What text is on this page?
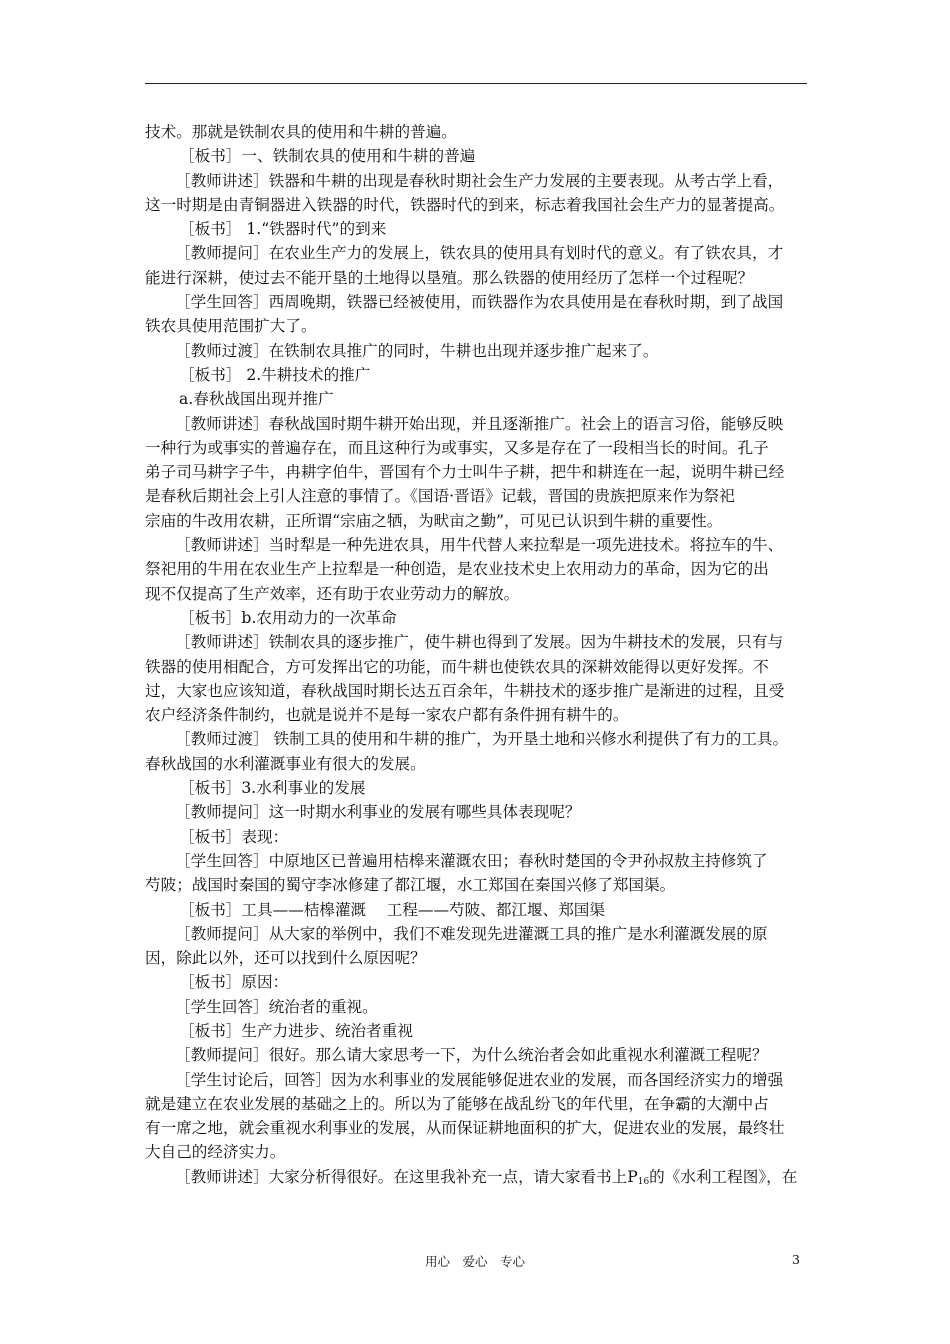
技术。那就是铁制农具的使用和牛耕的普遍。
［板书］一、铁制农具的使用和牛耕的普遍
［教师讲述］铁器和牛耕的出现是春秋时期社会生产力发展的主要表现。从考古学上看，
这一时期是由青铜器进入铁器的时代，铁器时代的到来，标志着我国社会生产力的显著提高。
［板书］ 1.“铁器时代”的到来
［教师提问］在农业生产力的发展上，铁农具的使用具有划时代的意义。有了铁农具，才
能进行深耕，使过去不能开垦的土地得以垦殖。那么铁器的使用经历了怎样一个过程呢？
［学生回答］西周晚期，铁器已经被使用，而铁器作为农具使用是在春秋时期，到了战国
铁农具使用范围扩大了。
［教师过渡］在铁制农具推广的同时，牛耕也出现并逐步推广起来了。
［板书］ 2.牛耕技术的推广
a.春秋战国出现并推广
［教师讲述］春秋战国时期牛耕开始出现，并且逐渐推广。社会上的语言习俗，能够反映
一种行为或事实的普遍存在，而且这种行为或事实，又多是存在了一段相当长的时间。孔子
弟子司马耕字子牛，冉耕字伯牛，晋国有个力士叫牛子耕，把牛和耕连在一起，说明牛耕已经
是春秋后期社会上引人注意的事情了。《国语·晋语》记载，晋国的贵族把原来作为祭祀
宗庙的牛改用农耕，正所谓“宗庙之牺，为畎亩之勤”，可见已认识到牛耕的重要性。
［教师讲述］当时犁是一种先进农具，用牛代替人来拉犁是一项先进技术。将拉车的牛、
祭祀用的牛用在农业生产上拉犁是一种创造，是农业技术史上农用动力的革命，因为它的出
现不仅提高了生产效率，还有助于农业劳动力的解放。
［板书］b.农用动力的一次革命
［教师讲述］铁制农具的逐步推广，使牛耕也得到了发展。因为牛耕技术的发展，只有与
铁器的使用相配合，方可发挥出它的功能，而牛耕也使铁农具的深耕效能得以更好发挥。不
过，大家也应该知道，春秋战国时期长达五百余年，牛耕技术的逐步推广是渐进的过程，且受
农户经济条件制约，也就是说并不是每一家农户都有条件拥有耕牛的。
［教师过渡］ 铁制工具的使用和牛耕的推广，为开垦土地和兴修水利提供了有力的工具。
春秋战国的水利灌溉事业有很大的发展。
［板书］3.水利事业的发展
［教师提问］这一时期水利事业的发展有哪些具体表现呢？
［板书］表现：
［学生回答］中原地区已普遍用桔槔来灌溉农田；春秋时楚国的令尹孙叔敖主持修筑了
芍陂；战国时秦国的蜀守李冰修建了都江堰，水工郑国在秦国兴修了郑国渠。
［板书］工具——桔槔灌溉　 工程——芍陂、都江堰、郑国渠
［教师提问］从大家的举例中，我们不难发现先进灌溉工具的推广是水利灌溉发展的原
因，除此以外，还可以找到什么原因呢？
［板书］原因：
［学生回答］统治者的重视。
［板书］生产力进步、统治者重视
［教师提问］很好。那么请大家思考一下，为什么统治者会如此重视水利灌溉工程呢？
［学生讨论后，回答］因为水利事业的发展能够促进农业的发展，而各国经济实力的增强
就是建立在农业发展的基础之上的。所以为了能够在战乱纷飞的年代里，在争霸的大潮中占
有一席之地，就会重视水利事业的发展，从而保证耕地面积的扩大，促进农业的发展，最终壮
大自己的经济实力。
［教师讲述］大家分析得很好。在这里我补充一点，请大家看书上$P_{16}$的《水利工程图》，在
用心　爱心　专心	3
